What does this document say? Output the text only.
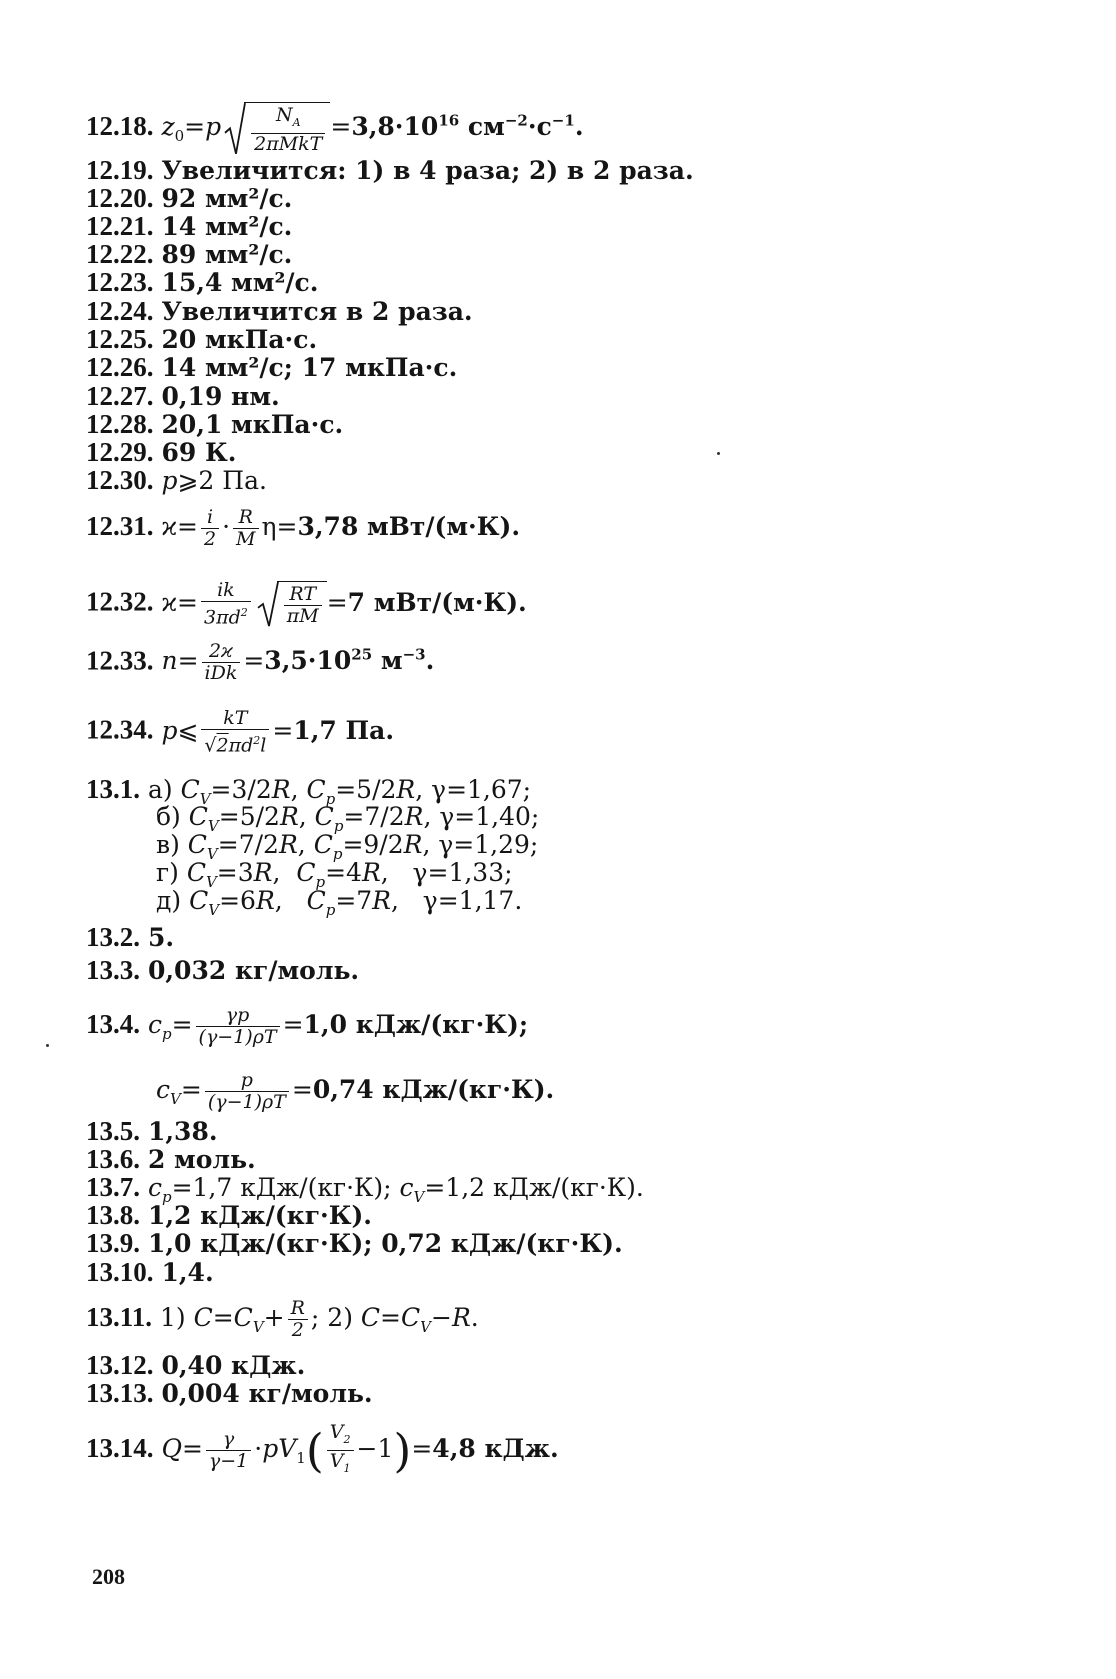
12.18. $z_0=p \frac{N_A}{\text{2πMkT}} =3,8\cdot 10^{16}$ $см^{-2}\cdot с^{-1}$.
12.19. Увеличится: 1) в 4 раза; 2) в 2 раза.
12.20. 92 мм²/с.
12.21. 14 мм²/с.
12.22. 89 мм²/с.
12.23. 15,4 мм²/с.
12.24. Увеличится в 2 раза.
12.25. 20 мкПа·с.
12.26. 14 мм²/с; 17 мкПа·с.
12.27. 0,19 нм.
12.28. 20,1 мкПа·с.
12.29. 69 К.
12.30. p⩾2 Па.
12.31. $ϰ= \frac{i}{2} \cdot \frac{R}{M} \eta=3,78$ мВт/(м·К).
12.32. $ϰ= \frac{ik}{3\pi d^2} \frac{RT}{\pi M} =7$ мВт/(м·К).
12.33. $n= \frac{2ϰ}{\text{iDk}} =3,5\cdot 10^{25}$ $м^{-3}$.
12.34. p⩽ $\frac{kT}{√2\pi d^2l} =1,7$ Па.
13.1. а) $C_V=3/2R$, $C_p=5/2R$, γ=1,67;
б) $C_V=5/2R$, $C_p=7/2R$, γ=1,40;
в) $C_V=7/2R$, $C_p=9/2R$, γ=1,29;
г) $C_V=3R$,  $C_p=4R$,   γ=1,33;
д) $C_V=6R$,   $C_p=7R$,   γ=1,17.
13.2. 5.
13.3. 0,032 кг/моль.
13.4. $c_p= \frac{\gamma p}{(\gamma-1)\rho T} =1,0$ кДж/(кг·К);
$c_V= \frac{p}{(\gamma-1)\rho T} =0,74$ кДж/(кг·К).
13.5. 1,38.
13.6. 2 моль.
13.7. $c_p=1,7$ кДж/(кг·К); $c_V=1,2$ кДж/(кг·К).
13.8. 1,2 кДж/(кг·К).
13.9. 1,0 кДж/(кг·К); 0,72 кДж/(кг·К).
13.10. 1,4.
13.11. 1) $C=C_V+ \frac{R}{2}$ ; 2) $C=C_V-R$.
13.12. 0,40 кДж.
13.13. 0,004 кг/моль.
13.14. $Q= \frac{\gamma}{\gamma-1} \cdot pV_1( \frac{V_2}{V_1} -1)=4,8$ кДж.
208
